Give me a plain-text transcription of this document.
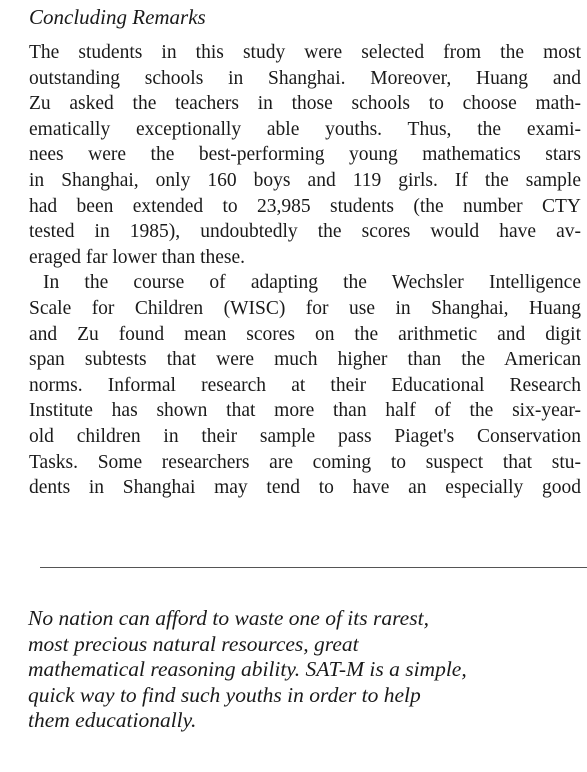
Concluding Remarks
The students in this study were selected from the most
outstanding schools in Shanghai. Moreover, Huang and
Zu asked the teachers in those schools to choose math-
ematically exceptionally able youths. Thus, the exami-
nees were the best-performing young mathematics stars
in Shanghai, only 160 boys and 119 girls. If the sample
had been extended to 23,985 students (the number CTY
tested in 1985), undoubtedly the scores would have av-
eraged far lower than these.
In the course of adapting the Wechsler Intelligence
Scale for Children (WISC) for use in Shanghai, Huang
and Zu found mean scores on the arithmetic and digit
span subtests that were much higher than the American
norms. Informal research at their Educational Research
Institute has shown that more than half of the six-year-
old children in their sample pass Piaget's Conservation
Tasks. Some researchers are coming to suspect that stu-
dents in Shanghai may tend to have an especially good
No nation can afford to waste one of its rarest,
most precious natural resources, great
mathematical reasoning ability. SAT-M is a simple,
quick way to find such youths in order to help
them educationally.
